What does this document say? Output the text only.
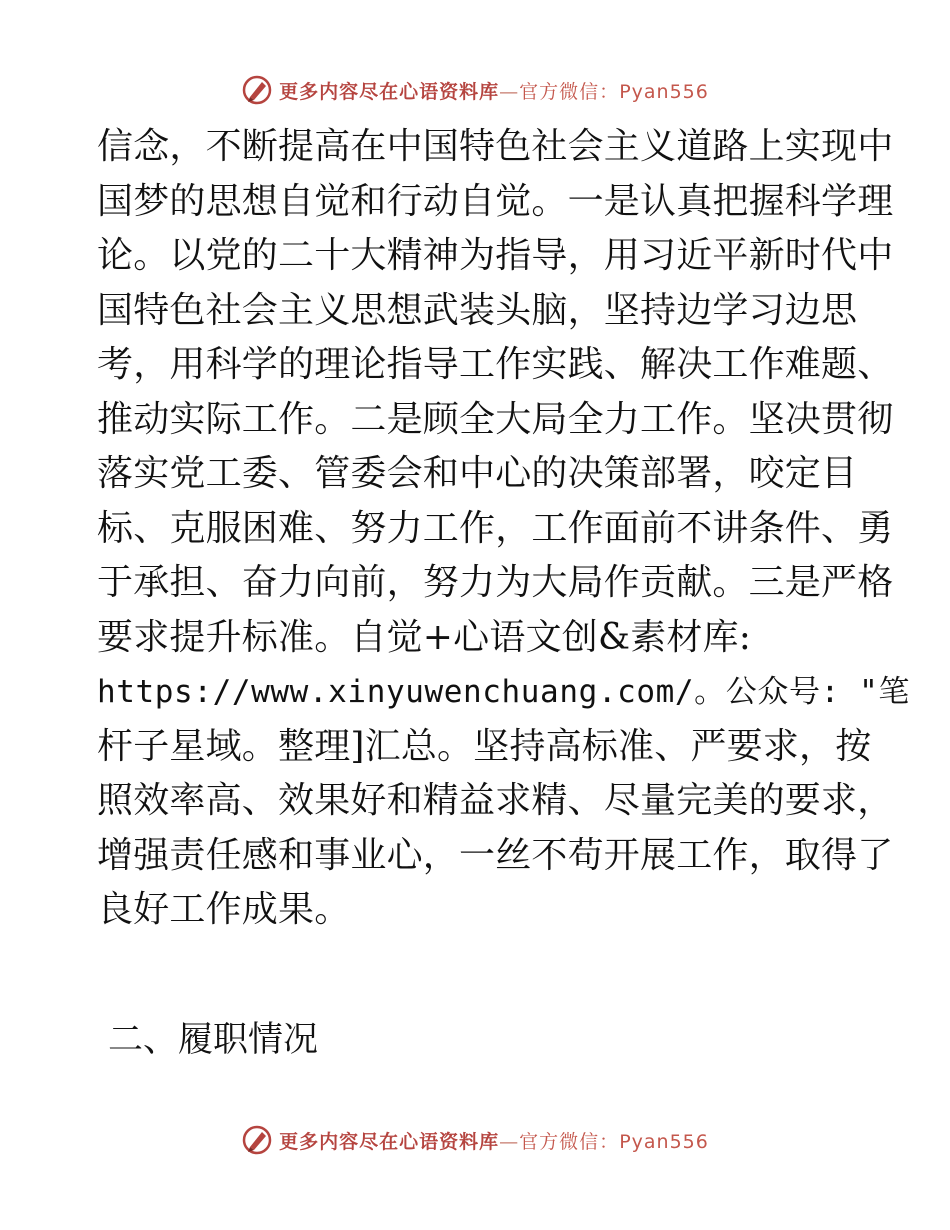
更多内容尽在心语资料库—官方微信：Pyan556
信念，不断提高在中国特色社会主义道路上实现中
国梦的思想自觉和行动自觉。一是认真把握科学理
论。以党的二十大精神为指导，用习近平新时代中
国特色社会主义思想武装头脑，坚持边学习边思
考，用科学的理论指导工作实践、解决工作难题、
推动实际工作。二是顾全大局全力工作。坚决贯彻
落实党工委、管委会和中心的决策部署，咬定目
标、克服困难、努力工作，工作面前不讲条件、勇
于承担、奋力向前，努力为大局作贡献。三是严格
要求提升标准。自觉+心语文创&素材库:
https://www.xinyuwenchuang.com/。公众号: "笔
杆子星域。整理]汇总。坚持高标准、严要求，按
照效率高、效果好和精益求精、尽量完美的要求，
增强责任感和事业心，一丝不苟开展工作，取得了
良好工作成果。
二、履职情况
更多内容尽在心语资料库—官方微信：Pyan556
